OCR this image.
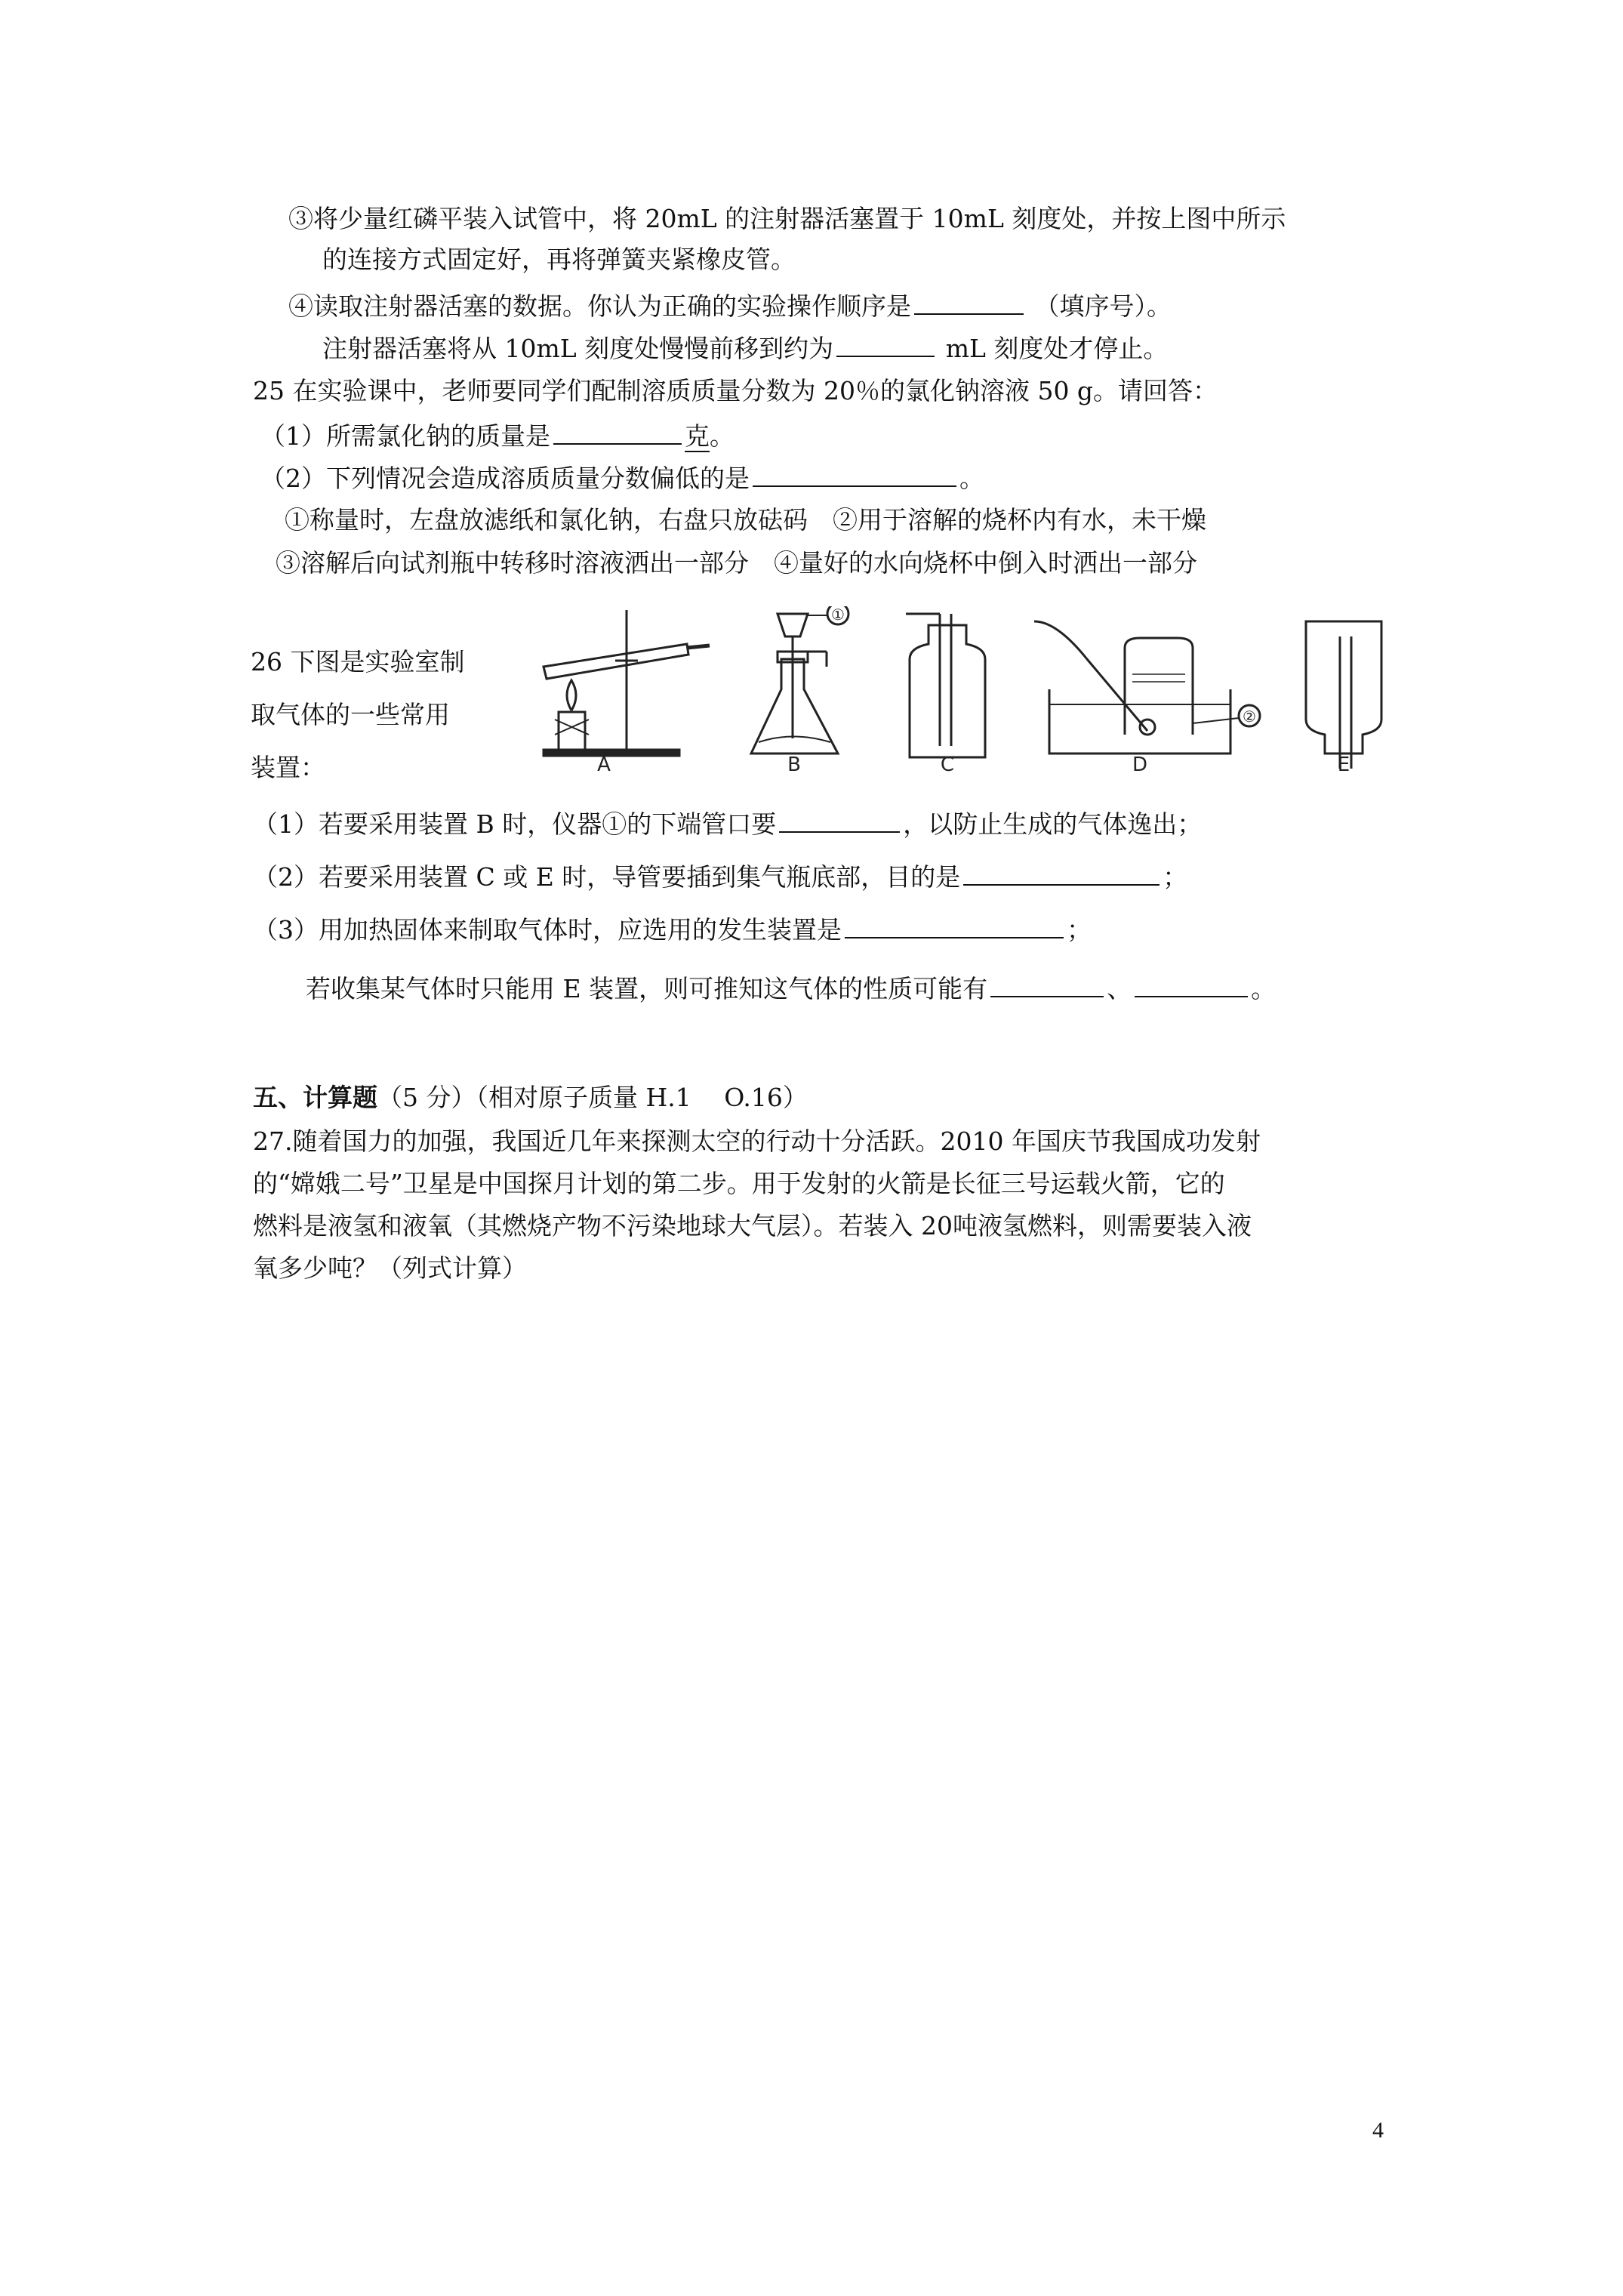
③将少量红磷平装入试管中，将 20mL 的注射器活塞置于 10mL 刻度处，并按上图中所示
的连接方式固定好，再将弹簧夹紧橡皮管。
④读取注射器活塞的数据。你认为正确的实验操作顺序是	（填序号）。
注射器活塞将从 10mL 刻度处慢慢前移到约为	mL 刻度处才停止。
25 在实验课中，老师要同学们配制溶质质量分数为 20％的氯化钠溶液 50 g。请回答：
（1）所需氯化钠的质量是	克。
（2）下列情况会造成溶质质量分数偏低的是	。
①称量时，左盘放滤纸和氯化钠，右盘只放砝码　②用于溶解的烧杯内有水，未干燥
③溶解后向试剂瓶中转移时溶液洒出一部分　④量好的水向烧杯中倒入时洒出一部分
26 下图是实验室制
取气体的一些常用
装置：	A	B	C	D	E
①
②
（1）若要采用装置 B 时，仪器①的下端管口要	，以防止生成的气体逸出；
（2）若要采用装置 C 或 E 时，导管要插到集气瓶底部，目的是	；
（3）用加热固体来制取气体时，应选用的发生装置是	；
若收集某气体时只能用 E 装置，则可推知这气体的性质可能有	、	。
五、计算题（5 分）（相对原子质量 H.1　 O.16）
27.随着国力的加强，我国近几年来探测太空的行动十分活跃。2010 年国庆节我国成功发射
的“嫦娥二号”卫星是中国探月计划的第二步。用于发射的火箭是长征三号运载火箭，它的
燃料是液氢和液氧（其燃烧产物不污染地球大气层）。若装入 20吨液氢燃料，则需要装入液
氧多少吨？（列式计算）
4
